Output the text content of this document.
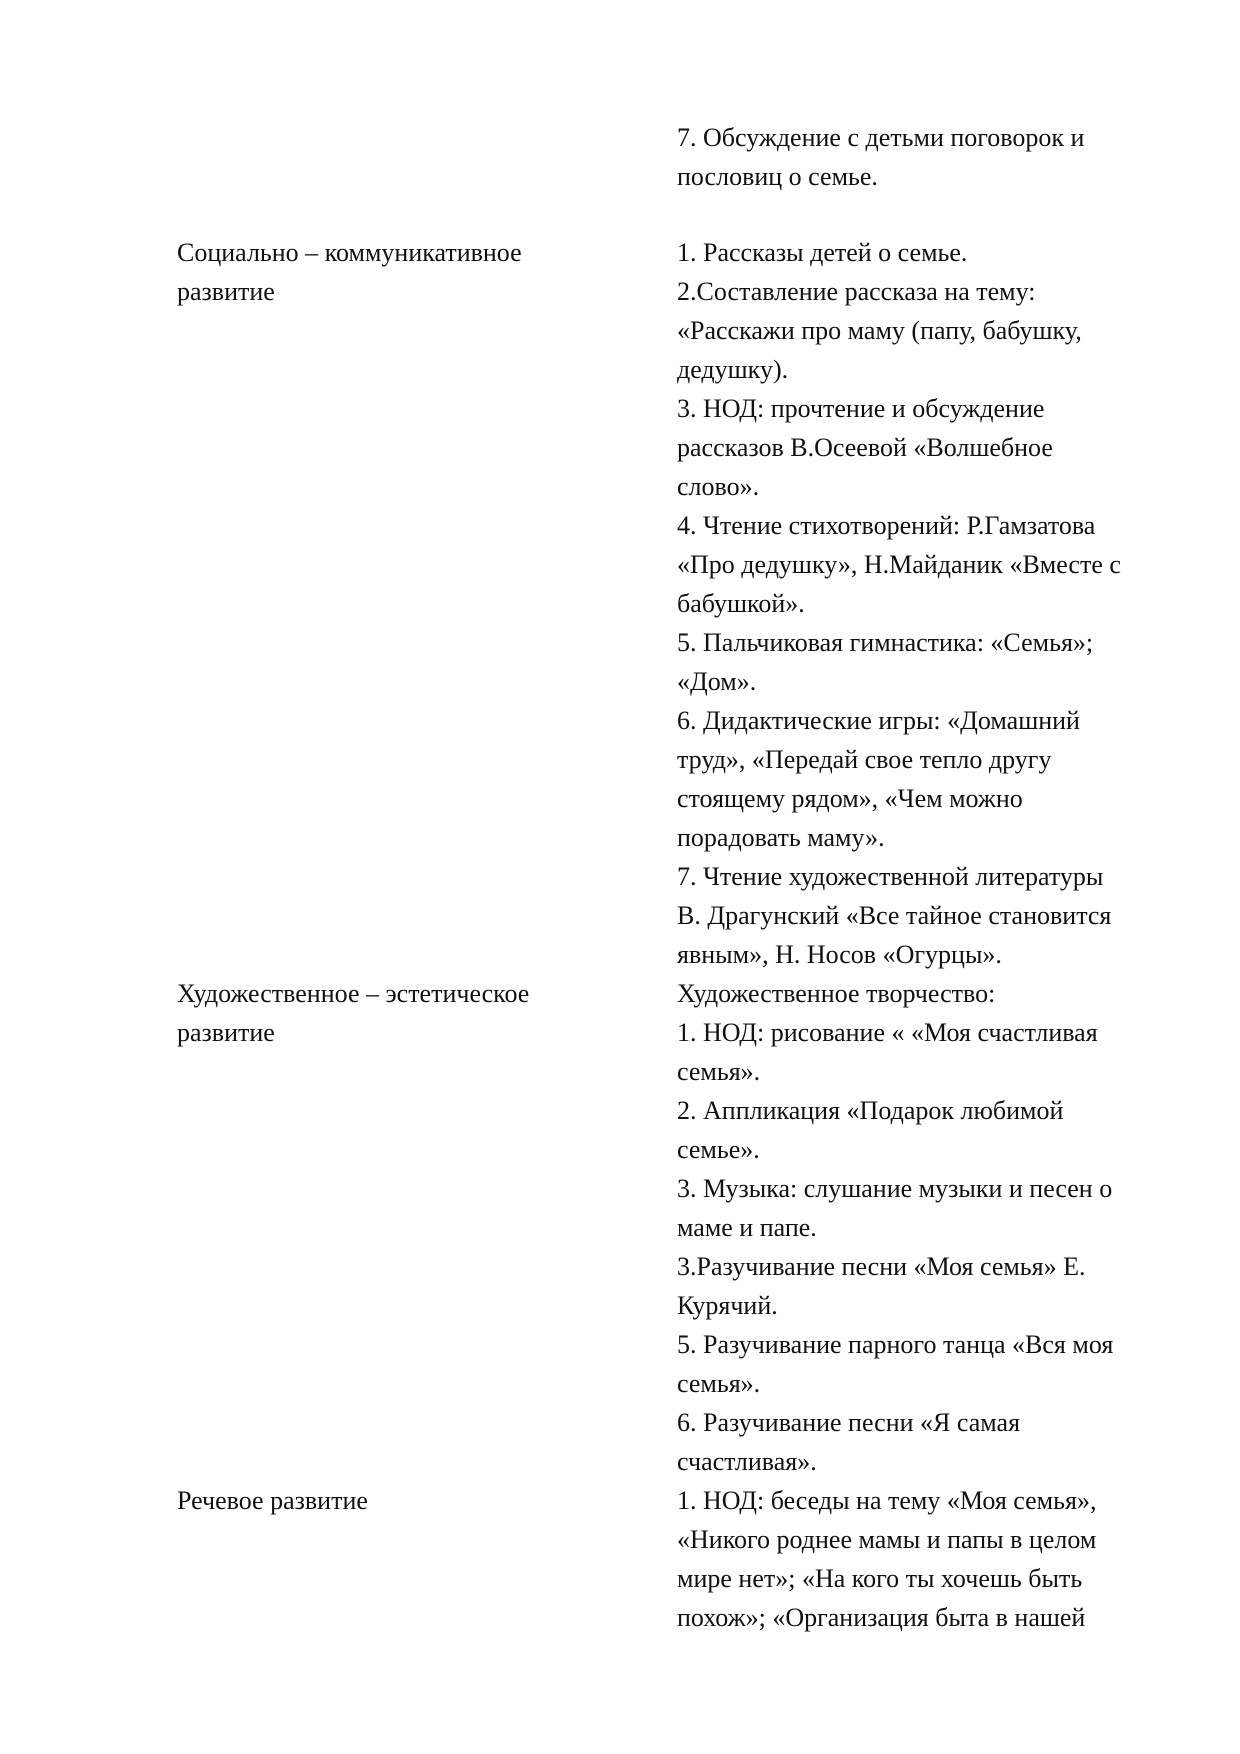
7. Обсуждение с детьми поговорок и
пословиц о семье.
Социально – коммуникативное
развитие
1. Рассказы детей о семье.
2.Составление рассказа на тему:
«Расскажи про маму (папу, бабушку,
дедушку).
3. НОД: прочтение и обсуждение
рассказов В.Осеевой «Волшебное
слово».
4. Чтение стихотворений: Р.Гамзатова
«Про дедушку», Н.Майданик «Вместе с
бабушкой».
5. Пальчиковая гимнастика: «Семья»;
«Дом».
6. Дидактические игры: «Домашний
труд», «Передай свое тепло другу
стоящему рядом», «Чем можно
порадовать маму».
7. Чтение художественной литературы
В. Драгунский «Все тайное становится
явным», Н. Носов «Огурцы».
Художественное – эстетическое
развитие
Художественное творчество:
1. НОД: рисование « «Моя счастливая
семья».
2. Аппликация «Подарок любимой
семье».
3. Музыка: слушание музыки и песен о
маме и папе.
3.Разучивание песни «Моя семья» Е.
Курячий.
5. Разучивание парного танца «Вся моя
семья».
6. Разучивание песни «Я самая
счастливая».
Речевое развитие	1. НОД: беседы на тему «Моя семья»,
«Никого роднее мамы и папы в целом
мире нет»; «На кого ты хочешь быть
похож»; «Организация быта в нашей
